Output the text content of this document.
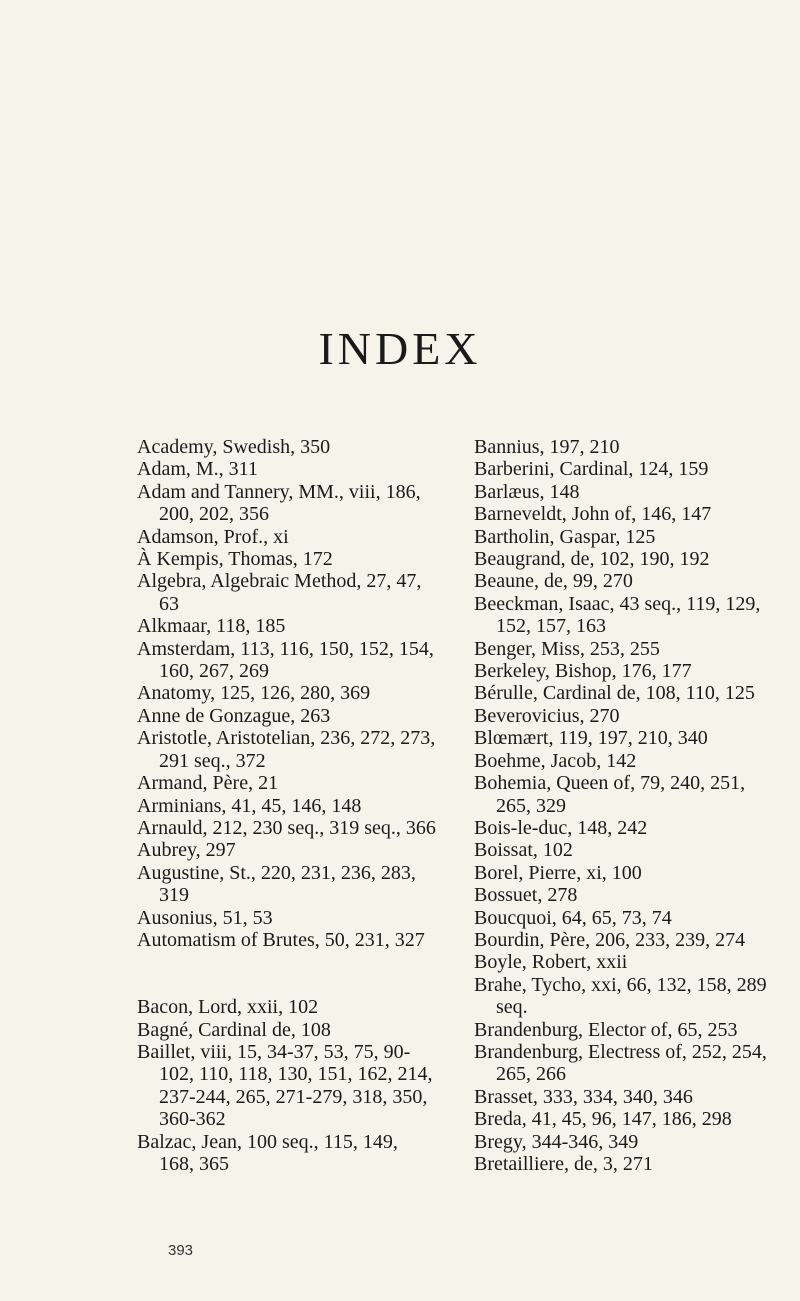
INDEX

Academy, Swedish, 350

Adam, M., 311

Adam and Tannery, MM., viii, 186, 200, 202, 356

Adamson, Prof., xi

À Kempis, Thomas, 172

Algebra, Algebraic Method, 27, 47, 63

Alkmaar, 118, 185

Amsterdam, 113, 116, 150, 152, 154, 160, 267, 269

Anatomy, 125, 126, 280, 369

Anne de Gonzague, 263

Aristotle, Aristotelian, 236, 272, 273, 291 seq., 372

Armand, Père, 21

Arminians, 41, 45, 146, 148

Arnauld, 212, 230 seq., 319 seq., 366

Aubrey, 297

Augustine, St., 220, 231, 236, 283, 319

Ausonius, 51, 53

Automatism of Brutes, 50, 231, 327

Bacon, Lord, xxii, 102

Bagné, Cardinal de, 108

Baillet, viii, 15, 34-37, 53, 75, 90-102, 110, 118, 130, 151, 162, 214, 237-244, 265, 271-279, 318, 350, 360-362

Balzac, Jean, 100 seq., 115, 149, 168, 365

Bannius, 197, 210

Barberini, Cardinal, 124, 159

Barlæus, 148

Barneveldt, John of, 146, 147

Bartholin, Gaspar, 125

Beaugrand, de, 102, 190, 192

Beaune, de, 99, 270

Beeckman, Isaac, 43 seq., 119, 129, 152, 157, 163

Benger, Miss, 253, 255

Berkeley, Bishop, 176, 177

Bérulle, Cardinal de, 108, 110, 125

Beverovicius, 270

Blœmært, 119, 197, 210, 340

Boehme, Jacob, 142

Bohemia, Queen of, 79, 240, 251, 265, 329

Bois-le-duc, 148, 242

Boissat, 102

Borel, Pierre, xi, 100

Bossuet, 278

Boucquoi, 64, 65, 73, 74

Bourdin, Père, 206, 233, 239, 274

Boyle, Robert, xxii

Brahe, Tycho, xxi, 66, 132, 158, 289 seq.

Brandenburg, Elector of, 65, 253

Brandenburg, Electress of, 252, 254, 265, 266

Brasset, 333, 334, 340, 346

Breda, 41, 45, 96, 147, 186, 298

Bregy, 344-346, 349

Bretailliere, de, 3, 271

393
